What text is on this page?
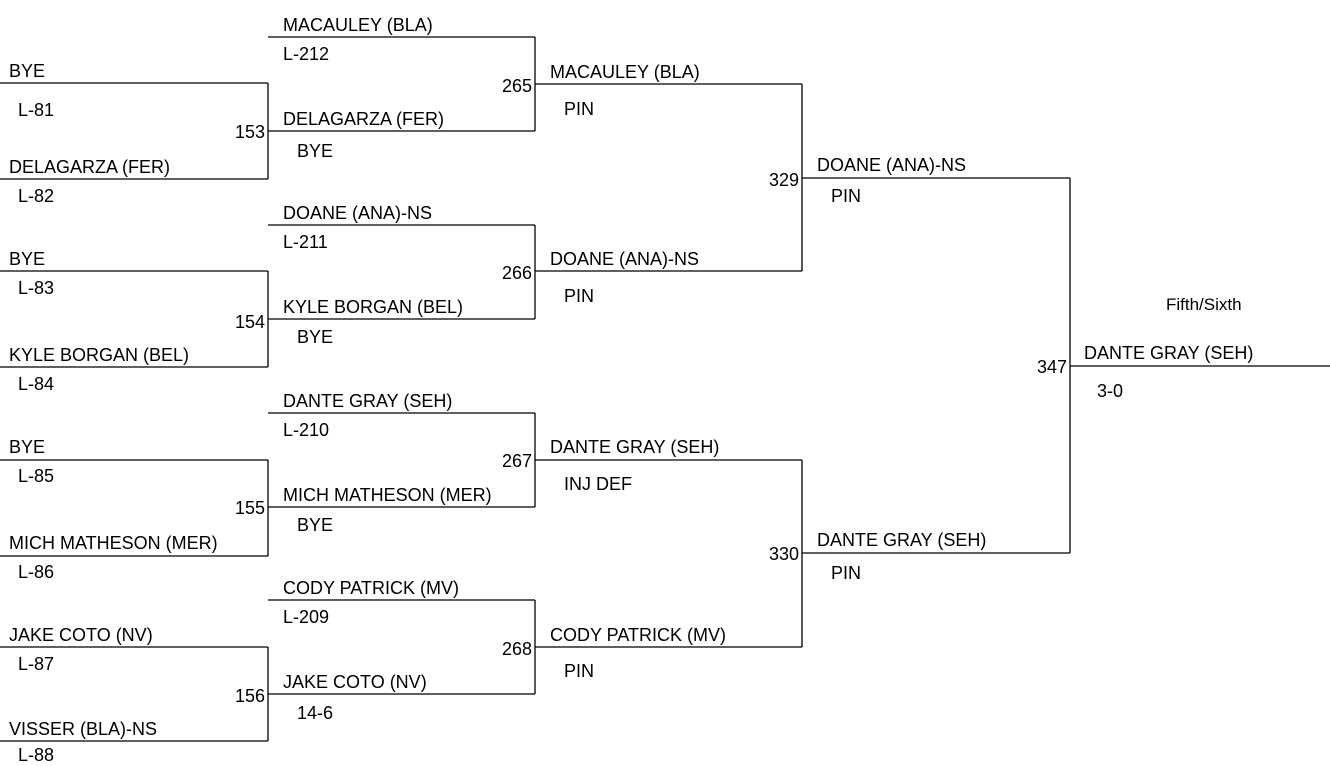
BYE
L-81
153
DELAGARZA (FER)
L-82
BYE
L-83
154
KYLE BORGAN (BEL)
L-84
BYE
L-85
155
MICH MATHESON (MER)
L-86
JAKE COTO (NV)
L-87
156
VISSER (BLA)-NS
L-88
MACAULEY (BLA)
L-212
265
DELAGARZA (FER)
BYE
DOANE (ANA)-NS
L-211
266
KYLE BORGAN (BEL)
BYE
DANTE GRAY (SEH)
L-210
267
MICH MATHESON (MER)
BYE
CODY PATRICK (MV)
L-209
268
JAKE COTO (NV)
14-6
MACAULEY (BLA)
PIN
329
DOANE (ANA)-NS
PIN
DANTE GRAY (SEH)
INJ DEF
330
CODY PATRICK (MV)
PIN
DOANE (ANA)-NS
PIN
347
DANTE GRAY (SEH)
PIN
Fifth/Sixth
DANTE GRAY (SEH)
3-0
